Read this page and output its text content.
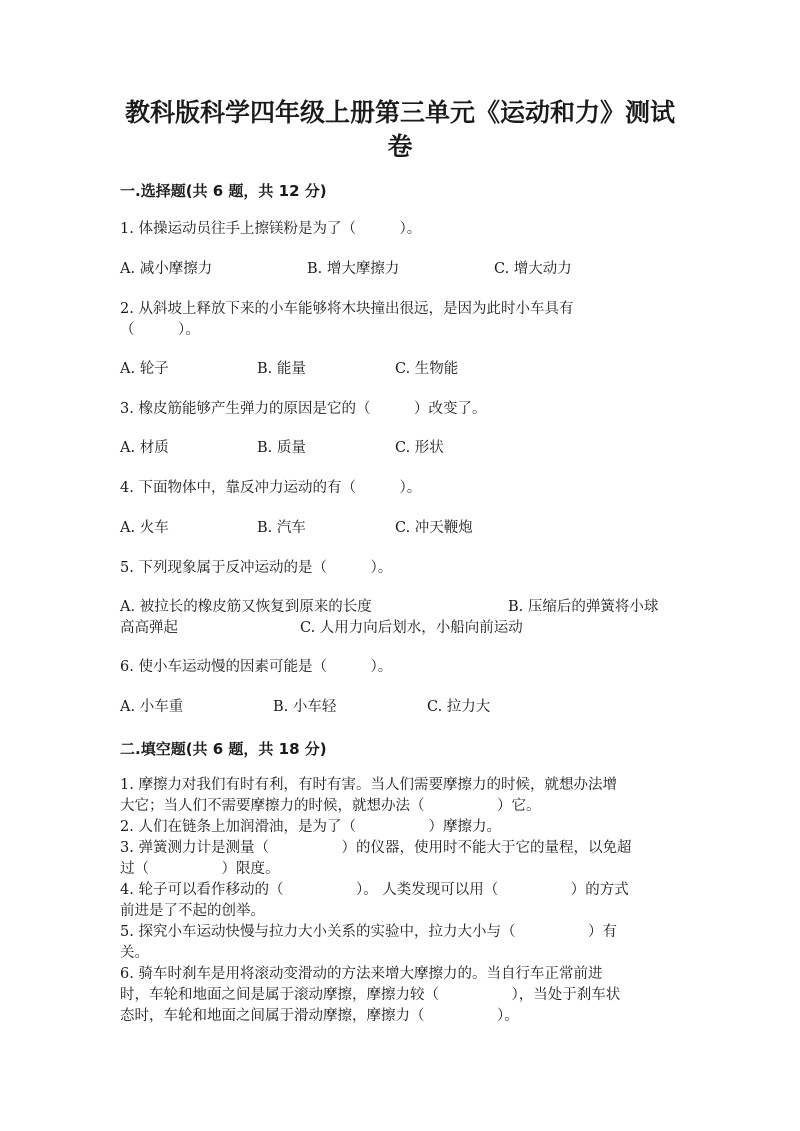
教科版科学四年级上册第三单元《运动和力》测试
卷
一.选择题(共 6 题，共 12 分)
1. 体操运动员往手上擦镁粉是为了（　　　）。
A. 减小摩擦力	B. 增大摩擦力	C. 增大动力
2. 从斜坡上释放下来的小车能够将木块撞出很远，是因为此时小车具有
（　　　）。
A. 轮子	B. 能量	C. 生物能
3. 橡皮筋能够产生弹力的原因是它的（　　　）改变了。
A. 材质	B. 质量	C. 形状
4. 下面物体中，靠反冲力运动的有（　　　）。
A. 火车	B. 汽车	C. 冲天鞭炮
5. 下列现象属于反冲运动的是（　　　）。
A. 被拉长的橡皮筋又恢复到原来的长度	B. 压缩后的弹簧将小球
高高弹起	C. 人用力向后划水，小船向前运动
6. 使小车运动慢的因素可能是（　　　）。
A. 小车重	B. 小车轻	C. 拉力大
二.填空题(共 6 题，共 18 分)

1. 摩擦力对我们有时有利，有时有害。当人们需要摩擦力的时候，就想办法增

大它；当人们不需要摩擦力的时候，就想办法（　　　　　）它。

2. 人们在链条上加润滑油，是为了（　　　　　）摩擦力。

3. 弹簧测力计是测量（　　　　　）的仪器，使用时不能大于它的量程，以免超

过（　　　　　）限度。

4. 轮子可以看作移动的（　　　　　）。 人类发现可以用（　　　　　）的方式

前进是了不起的创举。

5. 探究小车运动快慢与拉力大小关系的实验中，拉力大小与（　　　　　）有

关。

6. 骑车时刹车是用将滚动变滑动的方法来增大摩擦力的。当自行车正常前进

时，车轮和地面之间是属于滚动摩擦，摩擦力较（　　　　　），当处于刹车状

态时，车轮和地面之间属于滑动摩擦，摩擦力（　　　　　）。
